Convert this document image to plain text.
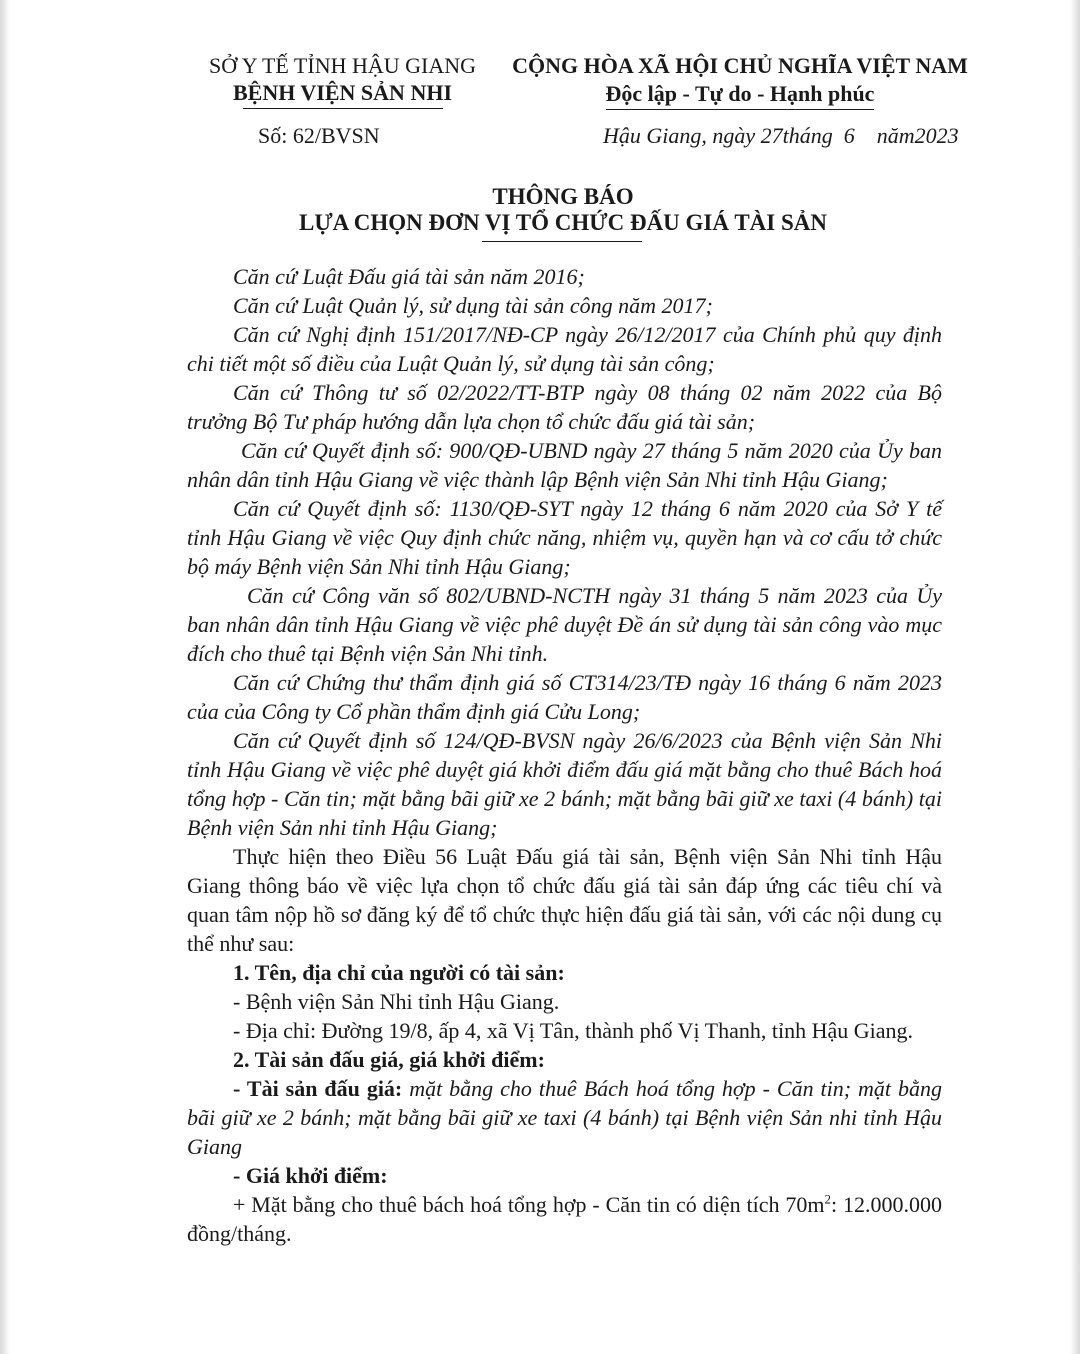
SỞ Y TẾ TỈNH HẬU GIANG
BỆNH VIỆN SẢN NHI
CỘNG HÒA XÃ HỘI CHỦ NGHĨA VIỆT NAM
Độc lập - Tự do - Hạnh phúc
Số: 62/BVSN	Hậu Giang, ngày 27tháng  6    năm2023
THÔNG BÁO
LỰA CHỌN ĐƠN VỊ TỔ CHỨC ĐẤU GIÁ TÀI SẢN

Căn cứ Luật Đấu giá tài sản năm 2016;

Căn cứ Luật Quản lý, sử dụng tài sản công năm 2017;

Căn cứ Nghị định 151/2017/NĐ-CP ngày 26/12/2017 của Chính phủ quy định chi tiết một số điều của Luật Quản lý, sử dụng tài sản công;

Căn cứ Thông tư số 02/2022/TT-BTP ngày 08 tháng 02 năm 2022 của Bộ trưởng Bộ Tư pháp hướng dẫn lựa chọn tổ chức đấu giá tài sản;

Căn cứ Quyết định số: 900/QĐ-UBND ngày 27 tháng 5 năm 2020 của Ủy ban nhân dân tỉnh Hậu Giang về việc thành lập Bệnh viện Sản Nhi tỉnh Hậu Giang;

Căn cứ Quyết định số: 1130/QĐ-SYT ngày 12 tháng 6 năm 2020 của Sở Y tế tỉnh Hậu Giang về việc Quy định chức năng, nhiệm vụ, quyền hạn và cơ cấu tở chức bộ máy Bệnh viện Sản Nhi tỉnh Hậu Giang;

Căn cứ Công văn số 802/UBND-NCTH ngày 31 tháng 5 năm 2023 của Ủy ban nhân dân tỉnh Hậu Giang về việc phê duyệt Đề án sử dụng tài sản công vào mục đích cho thuê tại Bệnh viện Sản Nhi tỉnh.

Căn cứ Chứng thư thẩm định giá số CT314/23/TĐ ngày 16 tháng 6 năm 2023 của của Công ty Cổ phần thẩm định giá Cửu Long;

Căn cứ Quyết định số 124/QĐ-BVSN ngày 26/6/2023 của Bệnh viện Sản Nhi tỉnh Hậu Giang về việc phê duyệt giá khởi điểm đấu giá mặt bằng cho thuê Bách hoá tổng hợp - Căn tin; mặt bằng bãi giữ xe 2 bánh; mặt bằng bãi giữ xe taxi (4 bánh) tại Bệnh viện Sản nhi tỉnh Hậu Giang;

Thực hiện theo Điều 56 Luật Đấu giá tài sản, Bệnh viện Sản Nhi tỉnh Hậu Giang thông báo về việc lựa chọn tổ chức đấu giá tài sản đáp ứng các tiêu chí và quan tâm nộp hồ sơ đăng ký để tổ chức thực hiện đấu giá tài sản, với các nội dung cụ thể như sau:

1. Tên, địa chỉ của người có tài sản:

- Bệnh viện Sản Nhi tỉnh Hậu Giang.

- Địa chỉ: Đường 19/8, ấp 4, xã Vị Tân, thành phố Vị Thanh, tỉnh Hậu Giang.

2. Tài sản đấu giá, giá khởi điểm:

- Tài sản đấu giá: mặt bằng cho thuê Bách hoá tổng hợp - Căn tin; mặt bằng bãi giữ xe 2 bánh; mặt bằng bãi giữ xe taxi (4 bánh) tại Bệnh viện Sản nhi tỉnh Hậu Giang

- Giá khởi điểm:

+ Mặt bằng cho thuê bách hoá tổng hợp - Căn tin có diện tích $70m^2$: 12.000.000 đồng/tháng.
